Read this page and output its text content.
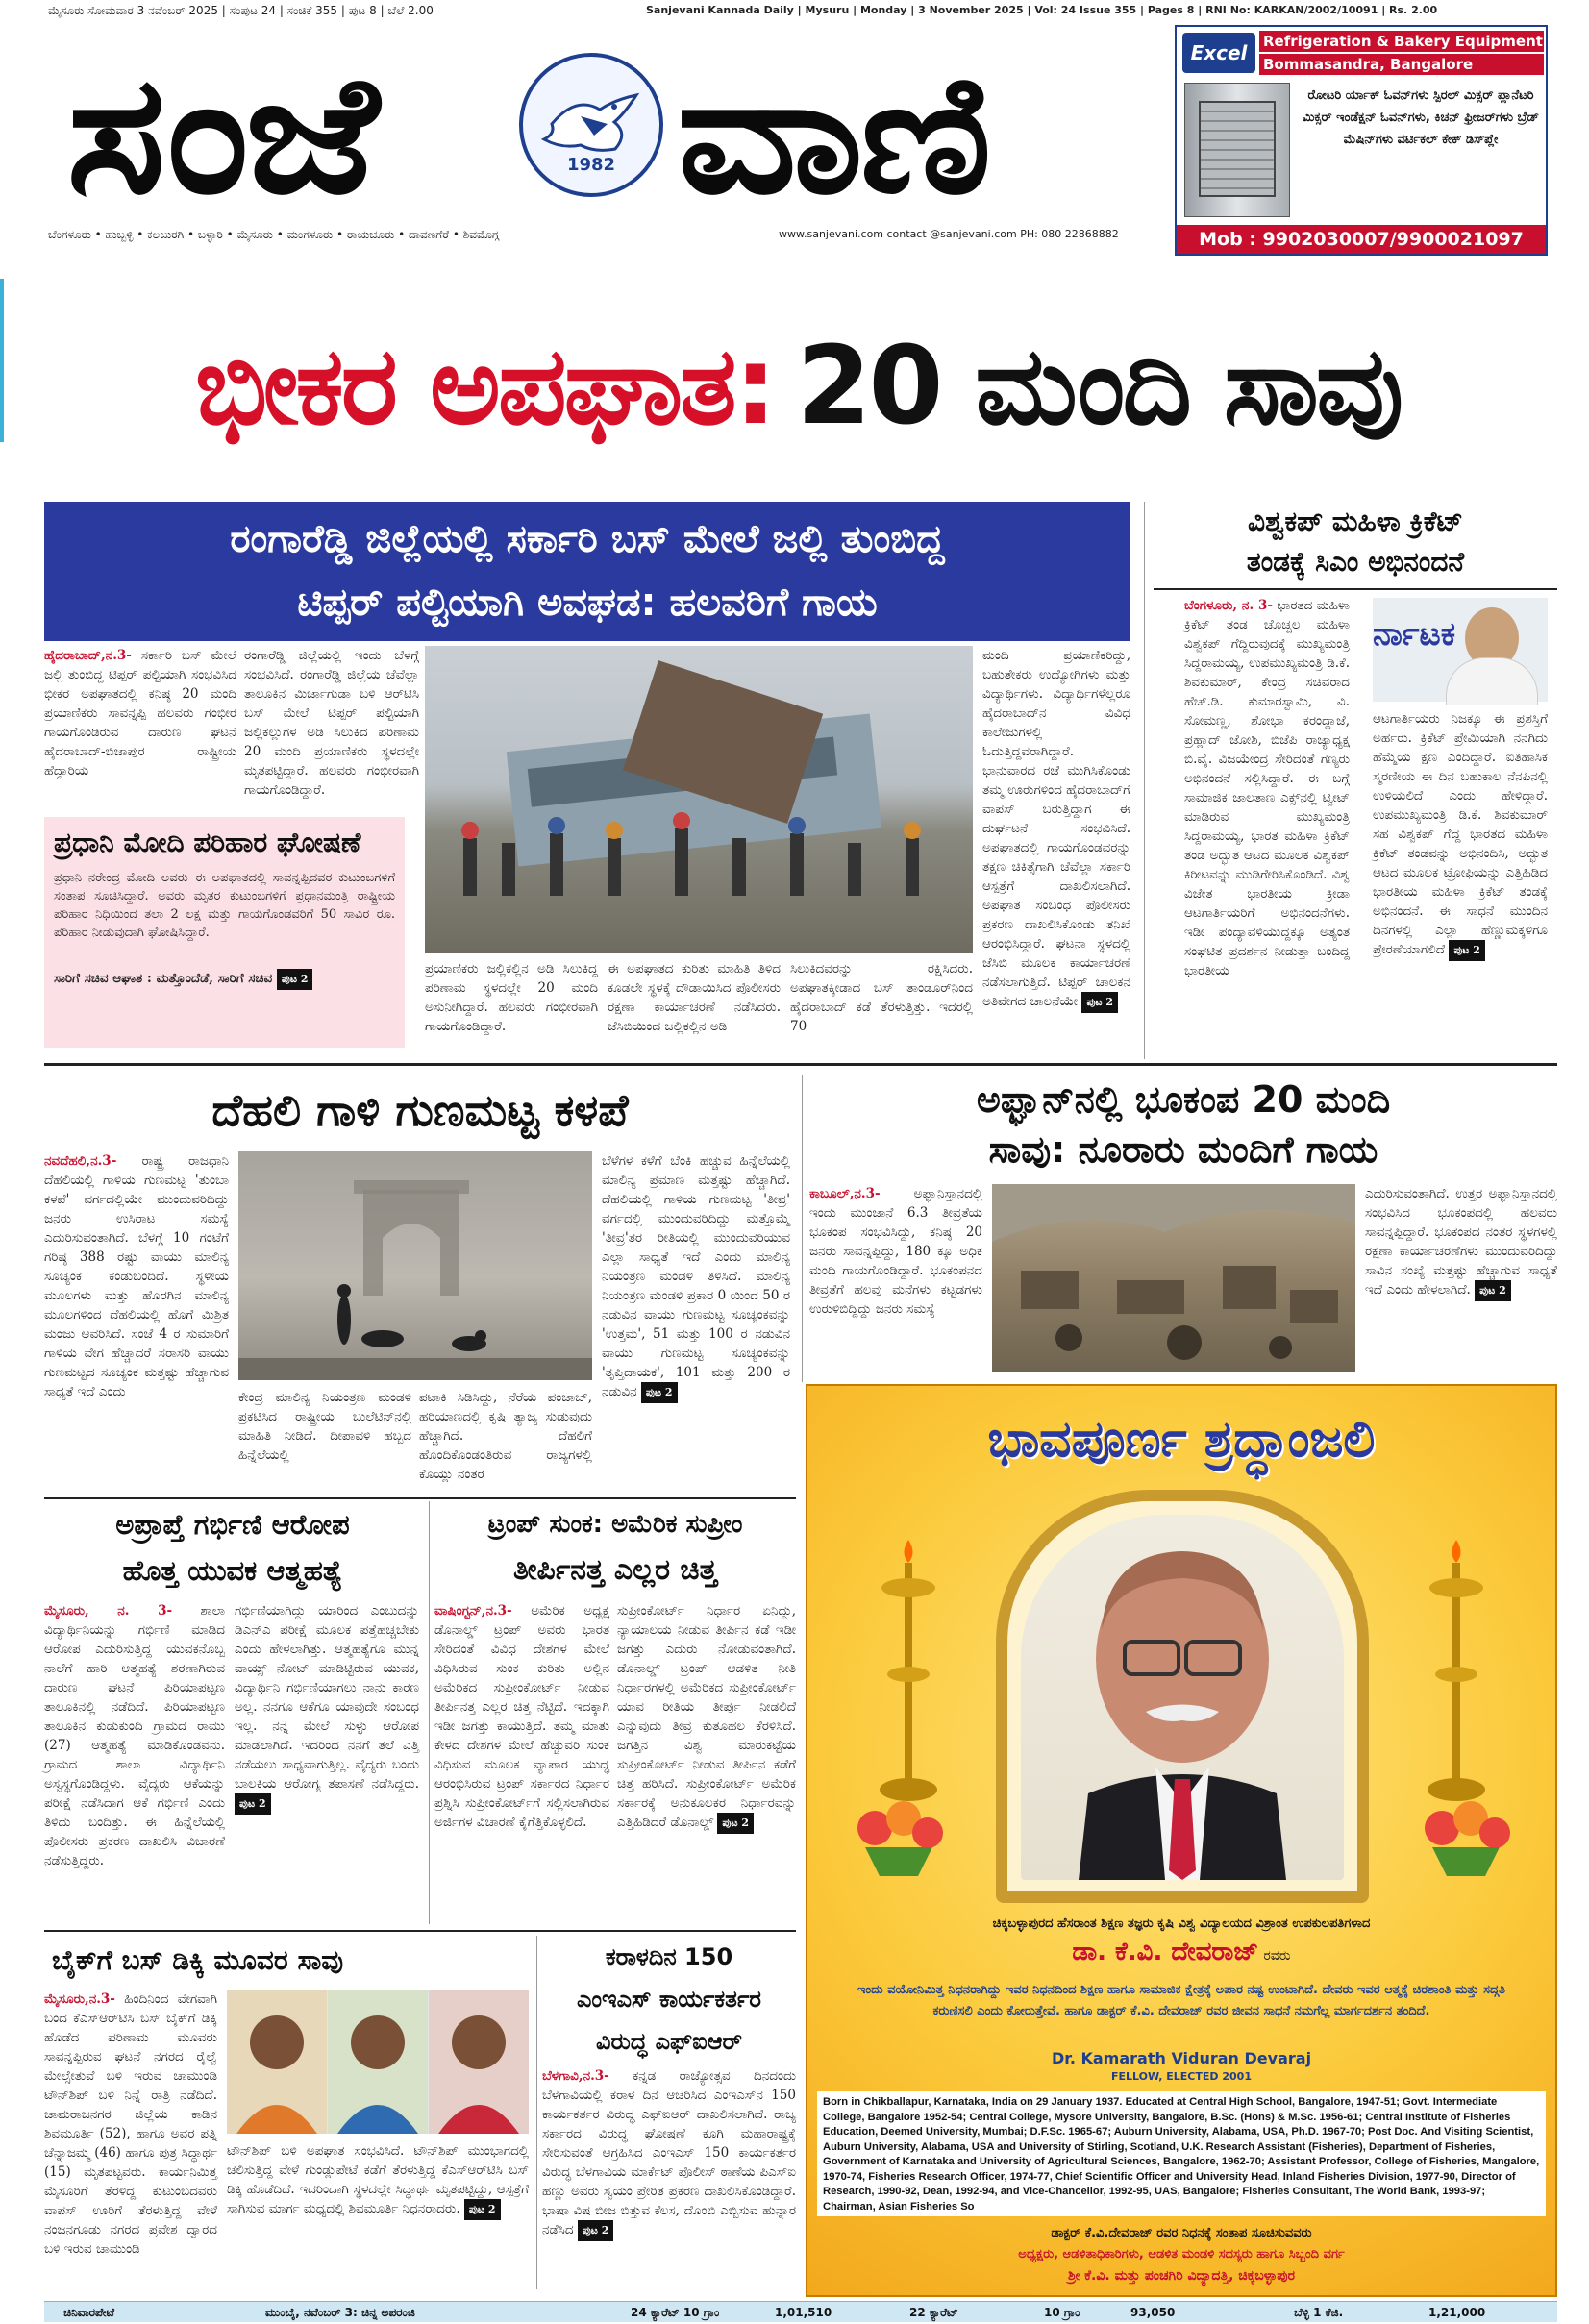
ಮೈಸೂರು ಸೋಮವಾರ 3 ನವೆಂಬರ್ 2025 | ಸಂಪುಟ 24 | ಸಂಚಿಕೆ 355 | ಪುಟ 8 | ಬೆಲೆ 2.00	Sanjevani Kannada Daily | Mysuru | Monday | 3 November 2025 | Vol: 24 Issue 355 | Pages 8 | RNI No: KARKAN/2002/10091 | Rs. 2.00
ಸಂಜೆ	1982 ವಾಣಿ
ಬೆಂಗಳೂರು • ಹುಬ್ಬಳ್ಳಿ • ಕಲಬುರಗಿ • ಬಳ್ಳಾರಿ • ಮೈಸೂರು • ಮಂಗಳೂರು • ರಾಯಚೂರು • ದಾವಣಗೆರೆ • ಶಿವಮೊಗ್ಗ	www.sanjevani.com contact @sanjevani.com PH: 080 22868882
Excel	Refrigeration & Bakery Equipment
Bommasandra, Bangalore
ರೋಟರಿ ರ್ಯಾಕ್ ಓವನ್‌ಗಳು ಸ್ಪಿರಲ್ ಮಿಕ್ಸರ್ ಪ್ಲಾನೆಟರಿ ಮಿಕ್ಸರ್ ಇಂಡೆಕ್ಷನ್ ಓವನ್‌ಗಳು, ಕಿಚನ್ ಫ್ರೀಜರ್‌ಗಳು ಬ್ರೆಡ್ ಮೆಷಿನ್‌ಗಳು ವರ್ಟಿಕಲ್ ಕೇಕ್ ಡಿಸ್‌ಪ್ಲೇ
Mob : 9902030007/9900021097
ಭೀಕರ ಅಪಘಾತ: 20 ಮಂದಿ ಸಾವು
ರಂಗಾರೆಡ್ಡಿ ಜಿಲ್ಲೆಯಲ್ಲಿ ಸರ್ಕಾರಿ ಬಸ್ ಮೇಲೆ ಜಲ್ಲಿ ತುಂಬಿದ್ದ
ಟಿಪ್ಪರ್ ಪಲ್ಟಿಯಾಗಿ ಅವಘಡ: ಹಲವರಿಗೆ ಗಾಯ
ಹೈದರಾಬಾದ್,ನ.3- ಸರ್ಕಾರಿ ಬಸ್ ಮೇಲೆ ಜಲ್ಲಿ ತುಂಬಿದ್ದ ಟಿಪ್ಪರ್ ಪಲ್ಟಿಯಾಗಿ ಸಂಭವಿಸಿದ ಭೀಕರ ಅಪಘಾತದಲ್ಲಿ ಕನಿಷ್ಠ 20 ಮಂದಿ ಪ್ರಯಾಣಿಕರು ಸಾವನ್ನಪ್ಪಿ ಹಲವರು ಗಂಭೀರ ಗಾಯಗೊಂಡಿರುವ ದಾರುಣ ಘಟನೆ ಹೈದರಾಬಾದ್-ಬಿಜಾಪುರ ರಾಷ್ಟ್ರೀಯ ಹೆದ್ದಾರಿಯ
ರಂಗಾರೆಡ್ಡಿ ಜಿಲ್ಲೆಯಲ್ಲಿ ಇಂದು ಬೆಳಗ್ಗೆ ಸಂಭವಿಸಿದೆ. ರಂಗಾರೆಡ್ಡಿ ಜಿಲ್ಲೆಯ ಚೆವೆಲ್ಲಾ ತಾಲೂಕಿನ ಮಿರ್ಜಾಗುಡಾ ಬಳಿ ಆರ್‌ಟಿಸಿ ಬಸ್ ಮೇಲೆ ಟಿಪ್ಪರ್ ಪಲ್ಟಿಯಾಗಿ ಜಲ್ಲಿಕಲ್ಲುಗಳ ಅಡಿ ಸಿಲುಕಿದ ಪರಿಣಾಮ 20 ಮಂದಿ ಪ್ರಯಾಣಿಕರು ಸ್ಥಳದಲ್ಲೇ ಮೃತಪಟ್ಟಿದ್ದಾರೆ. ಹಲವರು ಗಂಭೀರವಾಗಿ ಗಾಯಗೊಂಡಿದ್ದಾರೆ.
ಪ್ರಧಾನಿ ಮೋದಿ ಪರಿಹಾರ ಘೋಷಣೆ
ಪ್ರಧಾನಿ ನರೇಂದ್ರ ಮೋದಿ ಅವರು ಈ ಅಪಘಾತದಲ್ಲಿ ಸಾವನ್ನಪ್ಪಿದವರ ಕುಟುಂಬಗಳಿಗೆ ಸಂತಾಪ ಸೂಚಿಸಿದ್ದಾರೆ. ಅವರು ಮೃತರ ಕುಟುಂಬಗಳಿಗೆ ಪ್ರಧಾನಮಂತ್ರಿ ರಾಷ್ಟ್ರೀಯ ಪರಿಹಾರ ನಿಧಿಯಿಂದ ತಲಾ 2 ಲಕ್ಷ ಮತ್ತು ಗಾಯಗೊಂಡವರಿಗೆ 50 ಸಾವಿರ ರೂ. ಪರಿಹಾರ ನೀಡುವುದಾಗಿ ಘೋಷಿಸಿದ್ದಾರೆ.
ಸಾರಿಗೆ ಸಚಿವ ಆಘಾತ : ಮತ್ತೊಂದೆಡೆ, ಸಾರಿಗೆ ಸಚಿವ ಪುಟ 2
ಪ್ರಯಾಣಿಕರು ಜಲ್ಲಿಕಲ್ಲಿನ ಅಡಿ ಸಿಲುಕಿದ್ದ ಪರಿಣಾಮ ಸ್ಥಳದಲ್ಲೇ 20 ಮಂದಿ ಅಸುನೀಗಿದ್ದಾರೆ. ಹಲವರು ಗಂಭೀರವಾಗಿ ಗಾಯಗೊಂಡಿದ್ದಾರೆ.
ಈ ಅಪಘಾತದ ಕುರಿತು ಮಾಹಿತಿ ತಿಳಿದ ಕೂಡಲೇ ಸ್ಥಳಕ್ಕೆ ದೌಡಾಯಿಸಿದ ಪೊಲೀಸರು ರಕ್ಷಣಾ ಕಾರ್ಯಾಚರಣೆ ನಡೆಸಿದರು. ಜೆಸಿಬಿಯಿಂದ ಜಲ್ಲಿಕಲ್ಲಿನ ಅಡಿ
ಸಿಲುಕಿದವರನ್ನು ರಕ್ಷಿಸಿದರು. ಅಪಘಾತಕ್ಕೀಡಾದ ಬಸ್ ತಾಂಡೂರ್‌ನಿಂದ ಹೈದರಾಬಾದ್ ಕಡೆ ತೆರಳುತ್ತಿತ್ತು. ಇದರಲ್ಲಿ 70
ಮಂದಿ ಪ್ರಯಾಣಿಕರಿದ್ದು, ಬಹುತೇಕರು ಉದ್ಯೋಗಿಗಳು ಮತ್ತು ವಿದ್ಯಾರ್ಥಿಗಳು. ವಿದ್ಯಾರ್ಥಿಗಳೆಲ್ಲರೂ ಹೈದರಾಬಾದ್‌ನ ವಿವಿಧ ಕಾಲೇಜುಗಳಲ್ಲಿ ಓದುತ್ತಿದ್ದವರಾಗಿದ್ದಾರೆ. ಭಾನುವಾರದ ರಜೆ ಮುಗಿಸಿಕೊಂಡು ತಮ್ಮ ಊರುಗಳಿಂದ ಹೈದರಾಬಾದ್‌ಗೆ ವಾಪಸ್ ಬರುತ್ತಿದ್ದಾಗ ಈ ದುರ್ಘಟನೆ ಸಂಭವಿಸಿದೆ. ಅಪಘಾತದಲ್ಲಿ ಗಾಯಗೊಂಡವರನ್ನು ತಕ್ಷಣ ಚಿಕಿತ್ಸೆಗಾಗಿ ಚೆವೆಲ್ಲಾ ಸರ್ಕಾರಿ ಆಸ್ಪತ್ರೆಗೆ ದಾಖಲಿಸಲಾಗಿದೆ. ಅಪಘಾತ ಸಂಬಂಧ ಪೊಲೀಸರು ಪ್ರಕರಣ ದಾಖಲಿಸಿಕೊಂಡು ತನಿಖೆ ಆರಂಭಿಸಿದ್ದಾರೆ. ಘಟನಾ ಸ್ಥಳದಲ್ಲಿ ಜೆಸಿಬಿ ಮೂಲಕ ಕಾರ್ಯಾಚರಣೆ ನಡೆಸಲಾಗುತ್ತಿದೆ. ಟಿಪ್ಪರ್ ಚಾಲಕನ ಅತಿವೇಗದ ಚಾಲನೆಯೇ ಪುಟ 2
ವಿಶ್ವಕಪ್ ಮಹಿಳಾ ಕ್ರಿಕೆಟ್
ತಂಡಕ್ಕೆ ಸಿಎಂ ಅಭಿನಂದನೆ
ಬೆಂಗಳೂರು, ನ. 3- ಭಾರತದ ಮಹಿಳಾ ಕ್ರಿಕೆಟ್ ತಂಡ ಚೊಚ್ಚಲ ಮಹಿಳಾ ವಿಶ್ವಕಪ್ ಗೆದ್ದಿರುವುದಕ್ಕೆ ಮುಖ್ಯಮಂತ್ರಿ ಸಿದ್ದರಾಮಯ್ಯ, ಉಪಮುಖ್ಯಮಂತ್ರಿ ಡಿ.ಕೆ. ಶಿವಕುಮಾರ್, ಕೇಂದ್ರ ಸಚಿವರಾದ ಹೆಚ್.ಡಿ. ಕುಮಾರಸ್ವಾಮಿ, ವಿ. ಸೋಮಣ್ಣ, ಶೋಭಾ ಕರಂದ್ಲಾಜೆ, ಪ್ರಹ್ಲಾದ್ ಜೋಶಿ, ಬಿಜೆಪಿ ರಾಜ್ಯಾಧ್ಯಕ್ಷ ಬಿ.ವೈ. ವಿಜಯೇಂದ್ರ ಸೇರಿದಂತೆ ಗಣ್ಯರು ಅಭಿನಂದನೆ ಸಲ್ಲಿಸಿದ್ದಾರೆ. ಈ ಬಗ್ಗೆ ಸಾಮಾಜಿಕ ಜಾಲತಾಣ ಎಕ್ಸ್‌ನಲ್ಲಿ ಟ್ವೀಟ್ ಮಾಡಿರುವ ಮುಖ್ಯಮಂತ್ರಿ ಸಿದ್ದರಾಮಯ್ಯ, ಭಾರತ ಮಹಿಳಾ ಕ್ರಿಕೆಟ್ ತಂಡ ಅದ್ಭುತ ಆಟದ ಮೂಲಕ ವಿಶ್ವಕಪ್ ಕಿರೀಟವನ್ನು ಮುಡಿಗೇರಿಸಿಕೊಂಡಿದೆ. ವಿಶ್ವ ವಿಜೇತ ಭಾರತೀಯ ಕ್ರೀಡಾ ಆಟಗಾರ್ತಿಯರಿಗೆ ಅಭಿನಂದನೆಗಳು. ಇಡೀ ಪಂದ್ಯಾವಳಿಯುದ್ದಕ್ಕೂ ಅತ್ಯಂತ ಸಂಘಟಿತ ಪ್ರದರ್ಶನ ನೀಡುತ್ತಾ ಬಂದಿದ್ದ ಭಾರತೀಯ
ರ್ನಾಟಕ
ಆಟಗಾರ್ತಿಯರು ನಿಜಕ್ಕೂ ಈ ಪ್ರಶಸ್ತಿಗೆ ಅರ್ಹರು. ಕ್ರಿಕೆಟ್ ಪ್ರೇಮಿಯಾಗಿ ನನಗಿದು ಹೆಮ್ಮೆಯ ಕ್ಷಣ ಎಂದಿದ್ದಾರೆ. ಐತಿಹಾಸಿಕ ಸ್ಮರಣೀಯ ಈ ದಿನ ಬಹುಕಾಲ ನೆನಪಿನಲ್ಲಿ ಉಳಿಯಲಿದೆ ಎಂದು ಹೇಳಿದ್ದಾರೆ. ಉಪಮುಖ್ಯಮಂತ್ರಿ ಡಿ.ಕೆ. ಶಿವಕುಮಾರ್ ಸಹ ವಿಶ್ವಕಪ್ ಗೆದ್ದ ಭಾರತದ ಮಹಿಳಾ ಕ್ರಿಕೆಟ್ ತಂಡವನ್ನು ಅಭಿನಂದಿಸಿ, ಅದ್ಭುತ ಆಟದ ಮೂಲಕ ಟ್ರೋಫಿಯನ್ನು ಎತ್ತಿಹಿಡಿದ ಭಾರತೀಯ ಮಹಿಳಾ ಕ್ರಿಕೆಟ್ ತಂಡಕ್ಕೆ ಅಭಿನಂದನೆ. ಈ ಸಾಧನೆ ಮುಂದಿನ ದಿನಗಳಲ್ಲಿ ಎಲ್ಲಾ ಹೆಣ್ಣುಮಕ್ಕಳಿಗೂ ಪ್ರೇರಣೆಯಾಗಲಿದೆ ಪುಟ 2
ದೆಹಲಿ ಗಾಳಿ ಗುಣಮಟ್ಟ ಕಳಪೆ
ನವದೆಹಲಿ,ನ.3- ರಾಷ್ಟ್ರ ರಾಜಧಾನಿ ದೆಹಲಿಯಲ್ಲಿ ಗಾಳಿಯ ಗುಣಮಟ್ಟ 'ತುಂಬಾ ಕಳಪೆ' ವರ್ಗದಲ್ಲಿಯೇ ಮುಂದುವರಿದಿದ್ದು ಜನರು ಉಸಿರಾಟ ಸಮಸ್ಯೆ ಎದುರಿಸುವಂತಾಗಿದೆ. ಬೆಳಗ್ಗೆ 10 ಗಂಟೆಗೆ ಗರಿಷ್ಠ 388 ರಷ್ಟು ವಾಯು ಮಾಲಿನ್ಯ ಸೂಚ್ಯಂಕ ಕಂಡುಬಂದಿದೆ. ಸ್ಥಳೀಯ ಮೂಲಗಳು ಮತ್ತು ಹೊರಗಿನ ಮಾಲಿನ್ಯ ಮೂಲಗಳಿಂದ ದೆಹಲಿಯಲ್ಲಿ ಹೊಗೆ ಮಿಶ್ರಿತ ಮಂಜು ಆವರಿಸಿದೆ. ಸಂಜೆ 4 ರ ಸುಮಾರಿಗೆ ಗಾಳಿಯ ವೇಗ ಹೆಚ್ಚಾದರೆ ಸರಾಸರಿ ವಾಯು ಗುಣಮಟ್ಟದ ಸೂಚ್ಯಂಕ ಮತ್ತಷ್ಟು ಹೆಚ್ಚಾಗುವ ಸಾಧ್ಯತೆ ಇದೆ ಎಂದು	ಕೇಂದ್ರ ಮಾಲಿನ್ಯ ನಿಯಂತ್ರಣ ಮಂಡಳಿ ಪ್ರಕಟಿಸಿದ ರಾಷ್ಟ್ರೀಯ ಬುಲೆಟಿನ್‌ನಲ್ಲಿ ಮಾಹಿತಿ ನೀಡಿದೆ. ದೀಪಾವಳಿ ಹಬ್ಬದ ಹಿನ್ನೆಲೆಯಲ್ಲಿ
ಪಟಾಕಿ ಸಿಡಿಸಿದ್ದು, ನೆರೆಯ ಪಂಜಾಬ್, ಹರಿಯಾಣದಲ್ಲಿ ಕೃಷಿ ತ್ಯಾಜ್ಯ ಸುಡುವುದು ಹೆಚ್ಚಾಗಿದೆ. ದೆಹಲಿಗೆ ಹೊಂದಿಕೊಂಡಂತಿರುವ ರಾಜ್ಯಗಳಲ್ಲಿ ಕೊಯ್ಲು ನಂತರ
ಬೆಳೆಗಳ ಕಳೆಗೆ ಬೆಂಕಿ ಹಚ್ಚುವ ಹಿನ್ನೆಲೆಯಲ್ಲಿ ಮಾಲಿನ್ಯ ಪ್ರಮಾಣ ಮತ್ತಷ್ಟು ಹೆಚ್ಚಾಗಿದೆ. ದೆಹಲಿಯಲ್ಲಿ ಗಾಳಿಯ ಗುಣಮಟ್ಟ 'ತೀವ್ರ' ವರ್ಗದಲ್ಲಿ ಮುಂದುವರಿದಿದ್ದು ಮತ್ತೊಮ್ಮೆ 'ತೀವ್ರ'ತರ ರೀತಿಯಲ್ಲಿ ಮುಂದುವರಿಯುವ ಎಲ್ಲಾ ಸಾಧ್ಯತೆ ಇದೆ ಎಂದು ಮಾಲಿನ್ಯ ನಿಯಂತ್ರಣ ಮಂಡಳಿ ತಿಳಿಸಿದೆ. ಮಾಲಿನ್ಯ ನಿಯಂತ್ರಣ ಮಂಡಳಿ ಪ್ರಕಾರ 0 ಯಿಂದ 50 ರ ನಡುವಿನ ವಾಯು ಗುಣಮಟ್ಟ ಸೂಚ್ಯಂಕವನ್ನು 'ಉತ್ತಮ', 51 ಮತ್ತು 100 ರ ನಡುವಿನ ವಾಯು ಗುಣಮಟ್ಟ ಸೂಚ್ಯಂಕವನ್ನು 'ತೃಪ್ತಿದಾಯಕ', 101 ಮತ್ತು 200 ರ ನಡುವಿನ ಪುಟ 2
ಅಫ್ಘಾನ್‌ನಲ್ಲಿ ಭೂಕಂಪ 20 ಮಂದಿ
ಸಾವು: ನೂರಾರು ಮಂದಿಗೆ ಗಾಯ
ಕಾಬೂಲ್,ನ.3-	ಅಫ್ಘಾನಿಸ್ತಾನದಲ್ಲಿ ಇಂದು ಮುಂಜಾನೆ 6.3 ತೀವ್ರತೆಯ ಭೂಕಂಪ ಸಂಭವಿಸಿದ್ದು, ಕನಿಷ್ಠ 20 ಜನರು ಸಾವನ್ನಪ್ಪಿದ್ದು, 180 ಕ್ಕೂ ಅಧಿಕ ಮಂದಿ ಗಾಯಗೊಂಡಿದ್ದಾರೆ. ಭೂಕಂಪನದ ತೀವ್ರತೆಗೆ ಹಲವು ಮನೆಗಳು ಕಟ್ಟಡಗಳು ಉರುಳಿಬಿದ್ದಿದ್ದು ಜನರು ಸಮಸ್ಯೆ
ಎದುರಿಸುವಂತಾಗಿದೆ. ಉತ್ತರ ಅಫ್ಘಾನಿಸ್ತಾನದಲ್ಲಿ ಸಂಭವಿಸಿದ ಭೂಕಂಪದಲ್ಲಿ ಹಲವರು ಸಾವನ್ನಪ್ಪಿದ್ದಾರೆ. ಭೂಕಂಪದ ನಂತರ ಸ್ಥಳಗಳಲ್ಲಿ ರಕ್ಷಣಾ ಕಾರ್ಯಾಚರಣೆಗಳು ಮುಂದುವರಿದಿದ್ದು ಸಾವಿನ ಸಂಖ್ಯೆ ಮತ್ತಷ್ಟು ಹೆಚ್ಚಾಗುವ ಸಾಧ್ಯತೆ ಇದೆ ಎಂದು ಹೇಳಲಾಗಿದೆ. ಪುಟ 2
ಭಾವಪೂರ್ಣ ಶ್ರದ್ಧಾಂಜಲಿ
ಚಿಕ್ಕಬಳ್ಳಾಪುರದ ಹೆಸರಾಂತ ಶಿಕ್ಷಣ ತಜ್ಞರು ಕೃಷಿ ವಿಶ್ವ ವಿದ್ಯಾಲಯದ ವಿಶ್ರಾಂತ ಉಪಕುಲಪತಿಗಳಾದ
ಡಾ. ಕೆ.ವಿ. ದೇವರಾಜ್ ರವರು
ಇಂದು ವಯೋನಿಮಿತ್ತ ನಿಧನರಾಗಿದ್ದು ಇವರ ನಿಧನದಿಂದ ಶಿಕ್ಷಣ ಹಾಗೂ ಸಾಮಾಜಿಕ ಕ್ಷೇತ್ರಕ್ಕೆ ಅಪಾರ ನಷ್ಟ ಉಂಟಾಗಿದೆ. ದೇವರು ಇವರ ಆತ್ಮಕ್ಕೆ ಚಿರಶಾಂತಿ ಮತ್ತು ಸದ್ಗತಿ ಕರುಣಿಸಲಿ ಎಂದು ಕೋರುತ್ತೇವೆ. ಹಾಗೂ ಡಾಕ್ಟರ್ ಕೆ.ವಿ. ದೇವರಾಜ್ ರವರ ಜೀವನ ಸಾಧನೆ ನಮಗೆಲ್ಲ ಮಾರ್ಗದರ್ಶನ ತಂದಿದೆ.
Dr. Kamarath Viduran Devaraj
FELLOW, ELECTED 2001
Born in Chikballapur, Karnataka, India on 29 January 1937. Educated at Central High School, Bangalore, 1947-51; Govt. Intermediate College, Bangalore 1952-54; Central College, Mysore University, Bangalore, B.Sc. (Hons) & M.Sc. 1956-61; Central Institute of Fisheries Education, Deemed University, Mumbai; D.F.Sc. 1965-67; Auburn University, Alabama, USA, Ph.D. 1967-70; Post Doc. And Visiting Scientist, Auburn University, Alabama, USA and University of Stirling, Scotland, U.K. Research Assistant (Fisheries), Department of Fisheries, Government of Karnataka and University of Agricultural Sciences, Bangalore, 1962-70; Assistant Professor, College of Fisheries, Mangalore, 1970-74, Fisheries Research Officer, 1974-77, Chief Scientific Officer and University Head, Inland Fisheries Division, 1977-90, Director of Research, 1990-92, Dean, 1992-94, and Vice-Chancellor, 1992-95, UAS, Bangalore; Fisheries Consultant, The World Bank, 1993-97; Chairman, Asian Fisheries So
ಡಾಕ್ಟರ್ ಕೆ.ವಿ.ದೇವರಾಜ್ ರವರ ನಿಧನಕ್ಕೆ ಸಂತಾಪ ಸೂಚಿಸುವವರು
ಅಧ್ಯಕ್ಷರು, ಆಡಳಿತಾಧಿಕಾರಿಗಳು, ಆಡಳಿತ ಮಂಡಳಿ ಸದಸ್ಯರು ಹಾಗೂ ಸಿಬ್ಬಂದಿ ವರ್ಗ
ಶ್ರೀ ಕೆ.ವಿ. ಮತ್ತು ಪಂಚಗಿರಿ ವಿದ್ಯಾದತ್ತಿ, ಚಿಕ್ಕಬಳ್ಳಾಪುರ
ಅಪ್ರಾಪ್ತೆ ಗರ್ಭಿಣಿ ಆರೋಪ
ಹೊತ್ತ ಯುವಕ ಆತ್ಮಹತ್ಯೆ
ಮೈಸೂರು, ನ. 3- ಶಾಲಾ ವಿದ್ಯಾರ್ಥಿನಿಯನ್ನು ಗರ್ಭಿಣಿ ಮಾಡಿದ ಆರೋಪ ಎದುರಿಸುತ್ತಿದ್ದ ಯುವಕನೊಬ್ಬ ನಾಲೆಗೆ ಹಾರಿ ಆತ್ಮಹತ್ಯೆ ಶರಣಾಗಿರುವ ದಾರುಣ ಘಟನೆ ಪಿರಿಯಾಪಟ್ಟಣ ತಾಲೂಕಿನಲ್ಲಿ ನಡೆದಿದೆ. ಪಿರಿಯಾಪಟ್ಟಣ ತಾಲೂಕಿನ ಕುಡುಕುಂದಿ ಗ್ರಾಮದ ರಾಮು (27) ಆತ್ಮಹತ್ಯೆ ಮಾಡಿಕೊಂಡವನು. ಗ್ರಾಮದ ಶಾಲಾ ವಿದ್ಯಾರ್ಥಿನಿ ಅಸ್ವಸ್ಥಗೊಂಡಿದ್ದಳು. ವೈದ್ಯರು ಆಕೆಯನ್ನು ಪರೀಕ್ಷೆ ನಡೆಸಿದಾಗ ಆಕೆ ಗರ್ಭಿಣಿ ಎಂದು ತಿಳಿದು ಬಂದಿತ್ತು. ಈ ಹಿನ್ನೆಲೆಯಲ್ಲಿ ಪೊಲೀಸರು ಪ್ರಕರಣ ದಾಖಲಿಸಿ ವಿಚಾರಣೆ ನಡೆಸುತ್ತಿದ್ದರು.
ಗರ್ಭಿಣಿಯಾಗಿದ್ದು ಯಾರಿಂದ ಎಂಬುದನ್ನು ಡಿಎನ್‌ಎ ಪರೀಕ್ಷೆ ಮೂಲಕ ಪತ್ತೆಹಚ್ಚಬೇಕು ಎಂದು ಹೇಳಲಾಗಿತ್ತು. ಆತ್ಮಹತ್ಯೆಗೂ ಮುನ್ನ ವಾಯ್ಸ್ ನೋಟ್ ಮಾಡಿಟ್ಟಿರುವ ಯುವಕ, ವಿದ್ಯಾರ್ಥಿನಿ ಗರ್ಭಿಣಿಯಾಗಲು ನಾನು ಕಾರಣ ಅಲ್ಲ. ನನಗೂ ಆಕೆಗೂ ಯಾವುದೇ ಸಂಬಂಧ ಇಲ್ಲ. ನನ್ನ ಮೇಲೆ ಸುಳ್ಳು ಆರೋಪ ಮಾಡಲಾಗಿದೆ. ಇದರಿಂದ ನನಗೆ ತಲೆ ಎತ್ತಿ ನಡೆಯಲು ಸಾಧ್ಯವಾಗುತ್ತಿಲ್ಲ. ವೈದ್ಯರು ಬಂದು ಬಾಲಕಿಯ ಆರೋಗ್ಯ ತಪಾಸಣೆ ನಡೆಸಿದ್ದರು. ಪುಟ 2
ಟ್ರಂಪ್ ಸುಂಕ: ಅಮೆರಿಕ ಸುಪ್ರೀಂ
ತೀರ್ಪಿನತ್ತ ಎಲ್ಲರ ಚಿತ್ತ
ವಾಷಿಂಗ್ಟನ್,ನ.3- ಅಮೆರಿಕ ಅಧ್ಯಕ್ಷ ಡೊನಾಲ್ಡ್ ಟ್ರಂಪ್ ಅವರು ಭಾರತ ಸೇರಿದಂತೆ ವಿವಿಧ ದೇಶಗಳ ಮೇಲೆ ವಿಧಿಸಿರುವ ಸುಂಕ ಕುರಿತು ಅಲ್ಲಿನ ಅಮೆರಿಕದ ಸುಪ್ರೀಂಕೋರ್ಟ್ ನೀಡುವ ತೀರ್ಪಿನತ್ತ ಎಲ್ಲರ ಚಿತ್ತ ನೆಟ್ಟಿದೆ. ಇದಕ್ಕಾಗಿ ಇಡೀ ಜಗತ್ತು ಕಾಯುತ್ತಿದೆ. ತಮ್ಮ ಮಾತು ಕೇಳದ ದೇಶಗಳ ಮೇಲೆ ಹೆಚ್ಚುವರಿ ಸುಂಕ ವಿಧಿಸುವ ಮೂಲಕ ವ್ಯಾಪಾರ ಯುದ್ಧ ಆರಂಭಿಸಿರುವ ಟ್ರಂಪ್ ಸರ್ಕಾರದ ನಿರ್ಧಾರ ಪ್ರಶ್ನಿಸಿ ಸುಪ್ರೀಂಕೋರ್ಟ್‌ಗೆ ಸಲ್ಲಿಸಲಾಗಿರುವ ಅರ್ಜಿಗಳ ವಿಚಾರಣೆ ಕೈಗೆತ್ತಿಕೊಳ್ಳಲಿದೆ.
ಸುಪ್ರೀಂಕೋರ್ಟ್ ನಿರ್ಧಾರ ಏನಿದ್ದು, ನ್ಯಾಯಾಲಯ ನೀಡುವ ತೀರ್ಪಿನ ಕಡೆ ಇಡೀ ಜಗತ್ತು ಎದುರು ನೋಡುವಂತಾಗಿದೆ. ಡೊನಾಲ್ಡ್ ಟ್ರಂಪ್ ಆಡಳಿತ ನೀತಿ ನಿರ್ಧಾರಗಳಲ್ಲಿ ಅಮೆರಿಕದ ಸುಪ್ರೀಂಕೋರ್ಟ್ ಯಾವ ರೀತಿಯ ತೀರ್ಪು ನೀಡಲಿದೆ ಎನ್ನುವುದು ತೀವ್ರ ಕುತೂಹಲ ಕೆರಳಿಸಿದೆ. ಜಗತ್ತಿನ ವಿಶ್ವ ಮಾರುಕಟ್ಟೆಯ ಸುಪ್ರೀಂಕೋರ್ಟ್ ನೀಡುವ ತೀರ್ಪಿನ ಕಡೆಗೆ ಚಿತ್ತ ಹರಿಸಿದೆ. ಸುಪ್ರೀಂಕೋರ್ಟ್ ಅಮೆರಿಕ ಸರ್ಕಾರಕ್ಕೆ ಅನುಕೂಲಕರ ನಿರ್ಧಾರವನ್ನು ಎತ್ತಿಹಿಡಿದರೆ ಡೊನಾಲ್ಡ್ ಪುಟ 2
ಬೈಕ್‌ಗೆ ಬಸ್ ಡಿಕ್ಕಿ ಮೂವರ ಸಾವು
ಮೈಸೂರು,ನ.3- ಹಿಂದಿನಿಂದ ವೇಗವಾಗಿ ಬಂದ ಕೆಎಸ್‌ಆರ್‌ಟಿಸಿ ಬಸ್ ಬೈಕ್‌ಗೆ ಡಿಕ್ಕಿ ಹೊಡೆದ ಪರಿಣಾಮ ಮೂವರು ಸಾವನ್ನಪ್ಪಿರುವ ಘಟನೆ ನಗರದ ರೈಲ್ವೆ ಮೇಲ್ಸೇತುವೆ ಬಳಿ ಇರುವ ಚಾಮುಂಡಿ ಟೌನ್‌ಶಿಪ್ ಬಳಿ ನಿನ್ನೆ ರಾತ್ರಿ ನಡೆದಿದೆ. ಚಾಮರಾಜನಗರ ಜಿಲ್ಲೆಯ ಕಾಡಿನ ಶಿವಮೂರ್ತಿ (52), ಹಾಗೂ ಅವರ ಪತ್ನಿ ಚೆನ್ನಾಜಮ್ಮ (46) ಹಾಗೂ ಪುತ್ರ ಸಿದ್ಧಾರ್ಥ (15) ಮೃತಪಟ್ಟವರು. ಕಾರ್ಯನಿಮಿತ್ತ ಮೈಸೂರಿಗೆ ತೆರಳಿದ್ದ ಕುಟುಂಬದವರು ವಾಪಸ್ ಊರಿಗೆ ತೆರಳುತ್ತಿದ್ದ ವೇಳೆ ನಂಜನಗೂಡು ನಗರದ ಪ್ರವೇಶ ದ್ವಾರದ ಬಳಿ ಇರುವ ಚಾಮುಂಡಿ
ಟೌನ್‌ಶಿಪ್ ಬಳಿ ಅಪಘಾತ ಸಂಭವಿಸಿದೆ. ಟೌನ್‌ಶಿಪ್ ಮುಂಭಾಗದಲ್ಲಿ ಚಲಿಸುತ್ತಿದ್ದ ವೇಳೆ ಗುಂಡ್ಲುಪೇಟೆ ಕಡೆಗೆ ತೆರಳುತ್ತಿದ್ದ ಕೆಎಸ್‌ಆರ್‌ಟಿಸಿ ಬಸ್ ಡಿಕ್ಕಿ ಹೊಡೆದಿದೆ. ಇದರಿಂದಾಗಿ ಸ್ಥಳದಲ್ಲೇ ಸಿದ್ಧಾರ್ಥ ಮೃತಪಟ್ಟಿದ್ದು, ಆಸ್ಪತ್ರೆಗೆ ಸಾಗಿಸುವ ಮಾರ್ಗ ಮಧ್ಯದಲ್ಲಿ ಶಿವಮೂರ್ತಿ ನಿಧನರಾದರು. ಪುಟ 2
ಕರಾಳದಿನ 150
ಎಂಇಎಸ್ ಕಾರ್ಯಕರ್ತರ
ವಿರುದ್ಧ ಎಫ್‌ಐಆರ್
ಬೆಳಗಾವಿ,ನ.3- ಕನ್ನಡ ರಾಜ್ಯೋತ್ಸವ ದಿನದಂದು ಬೆಳಗಾವಿಯಲ್ಲಿ ಕರಾಳ ದಿನ ಆಚರಿಸಿದ ಎಂಇಎಸ್‌ನ 150 ಕಾರ್ಯಕರ್ತರ ವಿರುದ್ಧ ಎಫ್‌ಐಆರ್ ದಾಖಲಿಸಲಾಗಿದೆ. ರಾಜ್ಯ ಸರ್ಕಾರದ ವಿರುದ್ಧ ಘೋಷಣೆ ಕೂಗಿ ಮಹಾರಾಷ್ಟ್ರಕ್ಕೆ ಸೇರಿಸುವಂತೆ ಆಗ್ರಹಿಸಿದ ಎಂಇಎಸ್ 150 ಕಾರ್ಯಕರ್ತರ ವಿರುದ್ಧ ಬೆಳಗಾವಿಯ ಮಾರ್ಕೆಟ್ ಪೊಲೀಸ್ ಠಾಣೆಯ ಪಿಎಸ್‌ಐ ಹಣ್ಣು ಅವರು ಸ್ವಯಂ ಪ್ರೇರಿತ ಪ್ರಕರಣ ದಾಖಲಿಸಿಕೊಂಡಿದ್ದಾರೆ. ಭಾಷಾ ವಿಷ ಬೀಜ ಬಿತ್ತುವ ಕೆಲಸ, ದೊಂಬಿ ಎಬ್ಬಿಸುವ ಹುನ್ನಾರ ನಡೆಸಿದ ಪುಟ 2
ಚಿನಿವಾರಪೇಟೆ	ಮುಂಬೈ, ನವೆಂಬರ್ 3: ಚಿನ್ನ ಅಪರಂಜಿ	24 ಕ್ಯಾರೆಟ್ 10 ಗ್ರಾಂ	1,01,510	22 ಕ್ಯಾರೆಟ್	10 ಗ್ರಾಂ	93,050	ಬೆಳ್ಳಿ 1 ಕೆಜಿ.	1,21,000
